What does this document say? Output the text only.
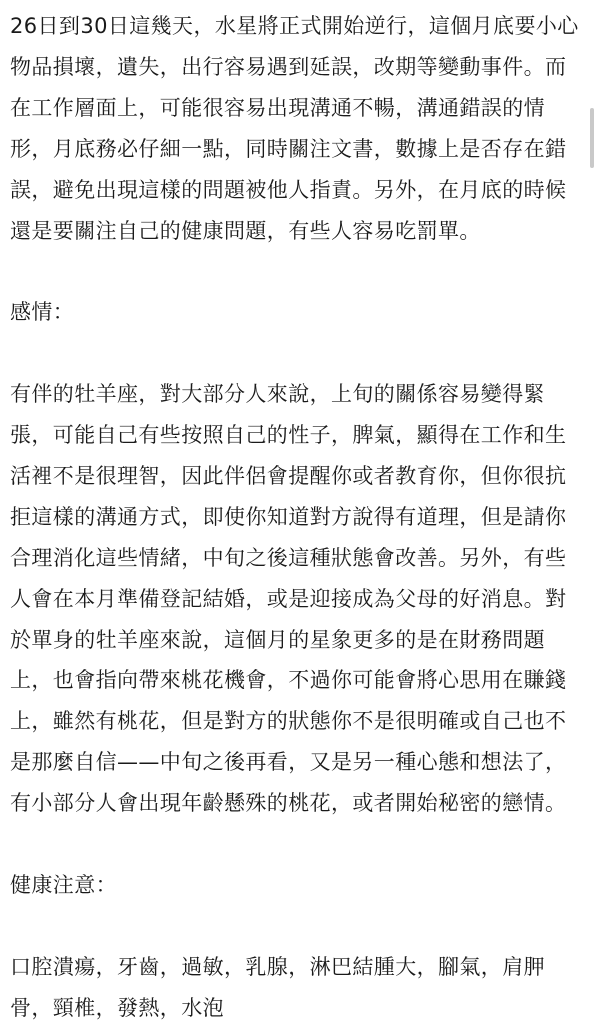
26日到30日這幾天，水星將正式開始逆行，這個月底要小心
物品損壞，遺失，出行容易遇到延誤，改期等變動事件。而
在工作層面上，可能很容易出現溝通不暢，溝通錯誤的情
形，月底務必仔細一點，同時關注文書，數據上是否存在錯
誤，避免出現這樣的問題被他人指責。另外，在月底的時候
還是要關注自己的健康問題，有些人容易吃罰單。
感情：
有伴的牡羊座，對大部分人來說，上旬的關係容易變得緊
張，可能自己有些按照自己的性子，脾氣，顯得在工作和生
活裡不是很理智，因此伴侶會提醒你或者教育你，但你很抗
拒這樣的溝通方式，即使你知道對方說得有道理，但是請你
合理消化這些情緒，中旬之後這種狀態會改善。另外，有些
人會在本月準備登記結婚，或是迎接成為父母的好消息。對
於單身的牡羊座來說，這個月的星象更多的是在財務問題
上，也會指向帶來桃花機會，不過你可能會將心思用在賺錢
上，雖然有桃花，但是對方的狀態你不是很明確或自己也不
是那麼自信——中旬之後再看，又是另一種心態和想法了，
有小部分人會出現年齡懸殊的桃花，或者開始秘密的戀情。
健康注意：
口腔潰瘍，牙齒，過敏，乳腺，淋巴結腫大，腳氣，肩胛
骨，頸椎，發熱，水泡
